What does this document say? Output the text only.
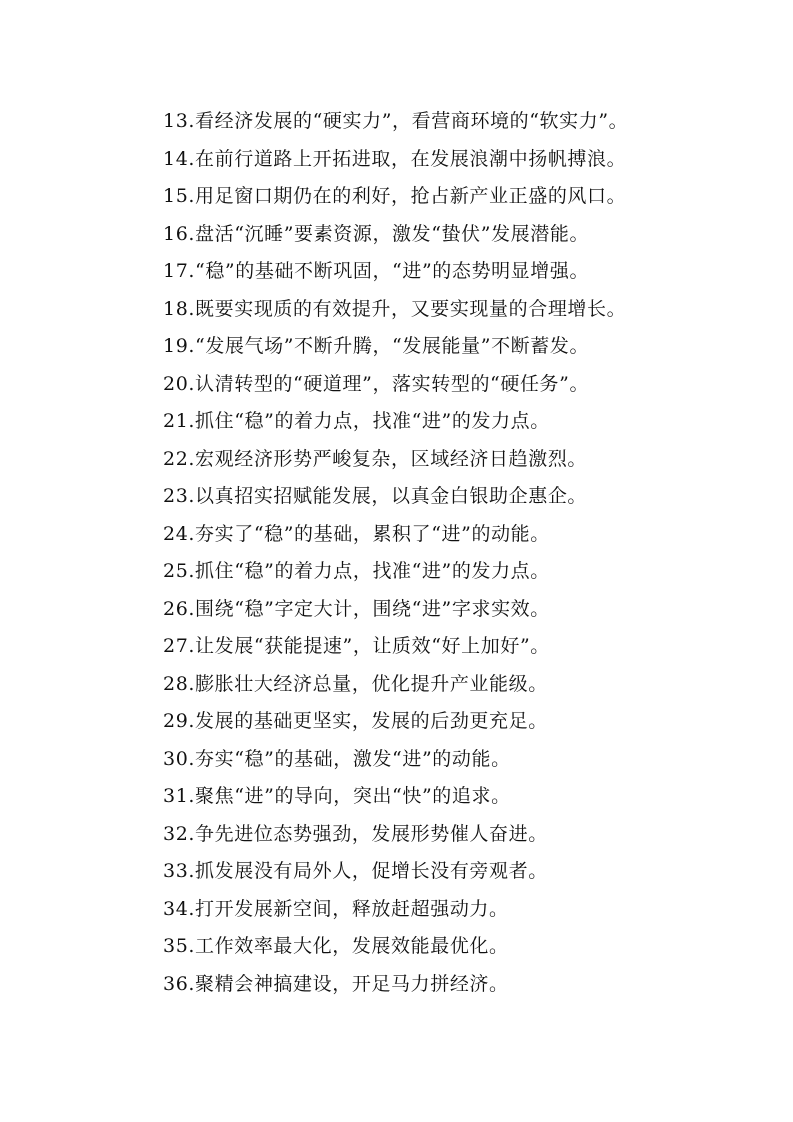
13.看经济发展的“硬实力”，看营商环境的“软实力”。
14.在前行道路上开拓进取，在发展浪潮中扬帆搏浪。
15.用足窗口期仍在的利好，抢占新产业正盛的风口。
16.盘活“沉睡”要素资源，激发“蛰伏”发展潜能。
17.“稳”的基础不断巩固，“进”的态势明显增强。
18.既要实现质的有效提升，又要实现量的合理增长。
19.“发展气场”不断升腾，“发展能量”不断蓄发。
20.认清转型的“硬道理”，落实转型的“硬任务”。
21.抓住“稳”的着力点，找准“进”的发力点。
22.宏观经济形势严峻复杂，区域经济日趋激烈。
23.以真招实招赋能发展，以真金白银助企惠企。
24.夯实了“稳”的基础，累积了“进”的动能。
25.抓住“稳”的着力点，找准“进”的发力点。
26.围绕“稳”字定大计，围绕“进”字求实效。
27.让发展“获能提速”，让质效“好上加好”。
28.膨胀壮大经济总量，优化提升产业能级。
29.发展的基础更坚实，发展的后劲更充足。
30.夯实“稳”的基础，激发“进”的动能。
31.聚焦“进”的导向，突出“快”的追求。
32.争先进位态势强劲，发展形势催人奋进。
33.抓发展没有局外人，促增长没有旁观者。
34.打开发展新空间，释放赶超强动力。
35.工作效率最大化，发展效能最优化。
36.聚精会神搞建设，开足马力拼经济。
